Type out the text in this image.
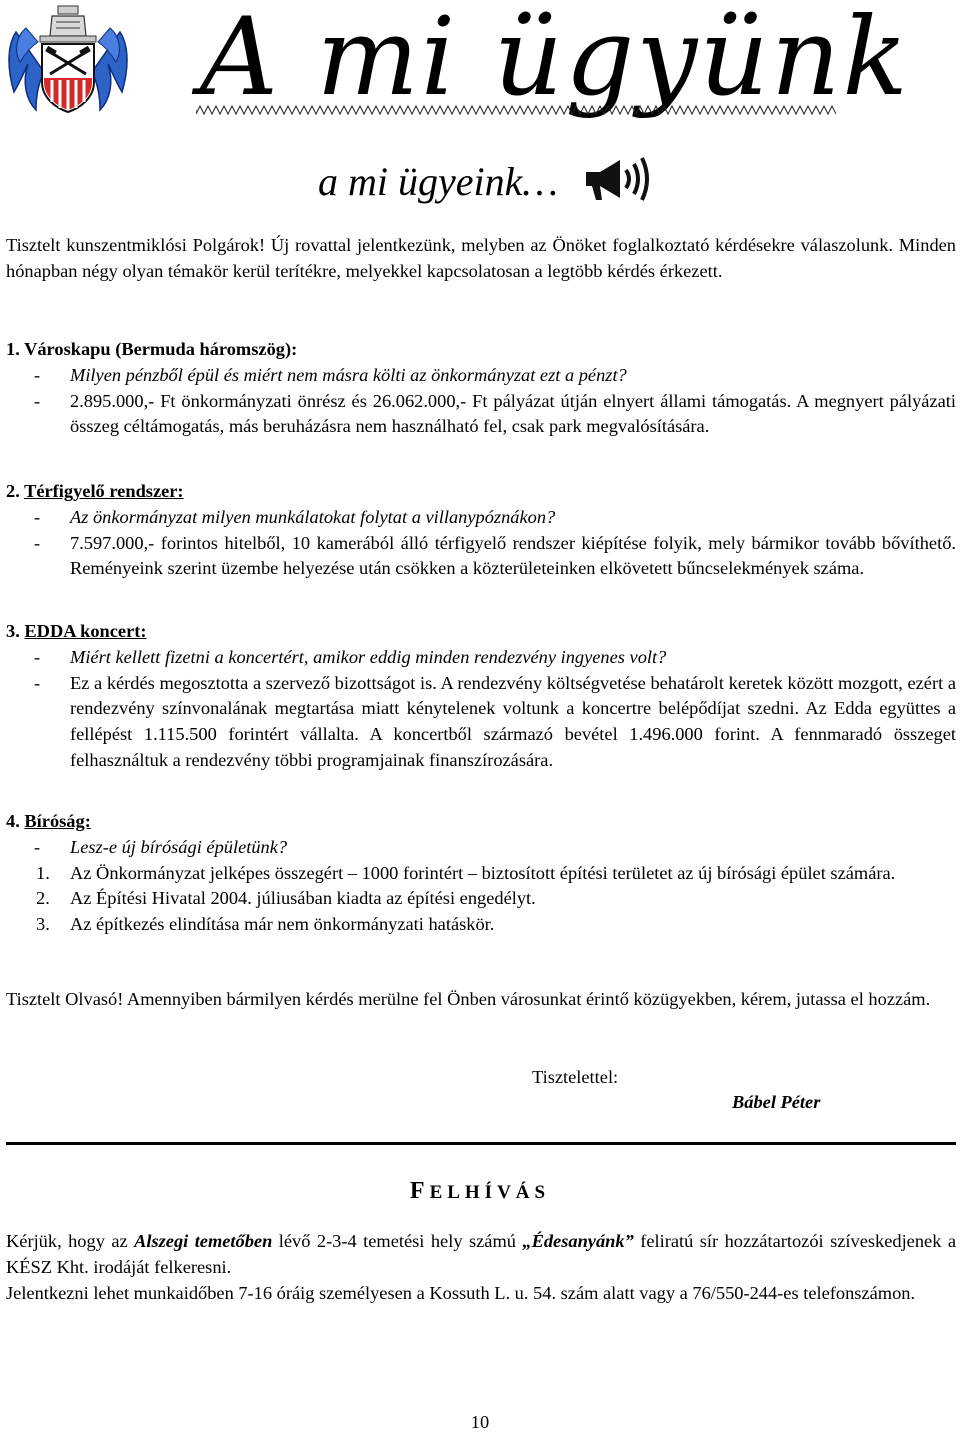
A mi ügyünk
a mi ügyeink…
Tisztelt kunszentmiklósi Polgárok! Új rovattal jelentkezünk, melyben az Önöket foglalkoztató kérdésekre válaszolunk. Minden hónapban négy olyan témakör kerül terítékre, melyekkel kapcsolatosan a legtöbb kérdés érkezett.
1. Városkapu (Bermuda háromszög):
-	Milyen pénzből épül és miért nem másra költi az önkormányzat ezt a pénzt?
-	2.895.000,- Ft önkormányzati önrész és 26.062.000,- Ft pályázat útján elnyert állami támogatás. A megnyert pályázati összeg céltámogatás, más beruházásra nem használható fel, csak park megvalósítására.
2. Térfigyelő rendszer:
-	Az önkormányzat milyen munkálatokat folytat a villanypóznákon?
-	7.597.000,- forintos hitelből, 10 kamerából álló térfigyelő rendszer kiépítése folyik, mely bármikor tovább bővíthető. Reményeink szerint üzembe helyezése után csökken a közterületeinken elkövetett bűncselekmények száma.
3. EDDA koncert:
-	Miért kellett fizetni a koncertért, amikor eddig minden rendezvény ingyenes volt?
-	Ez a kérdés megosztotta a szervező bizottságot is. A rendezvény költségvetése behatárolt keretek között mozgott, ezért a rendezvény színvonalának megtartása miatt kénytelenek voltunk a koncertre belépődíjat szedni. Az Edda együttes a fellépést 1.115.500 forintért vállalta. A koncertből származó bevétel 1.496.000 forint. A fennmaradó összeget felhasználtuk a rendezvény többi programjainak finanszírozására.
4. Bíróság:
-	Lesz-e új bírósági épületünk?
1.	Az Önkormányzat jelképes összegért – 1000 forintért – biztosított építési területet az új bírósági épület számára.
2.	Az Építési Hivatal 2004. júliusában kiadta az építési engedélyt.
3.	Az építkezés elindítása már nem önkormányzati hatáskör.
Tisztelt Olvasó! Amennyiben bármilyen kérdés merülne fel Önben városunkat érintő közügyekben, kérem, jutassa el hozzám.
Tisztelettel:
Bábel Péter
FELHÍVÁS
Kérjük, hogy az Alszegi temetőben lévő 2-3-4 temetési hely számú „Édesanyánk” feliratú sír hozzátartozói szíveskedjenek a KÉSZ Kht. irodáját felkeresni.
Jelentkezni lehet munkaidőben 7-16 óráig személyesen a Kossuth L. u. 54. szám alatt vagy a 76/550-244-es telefonszámon.
10
